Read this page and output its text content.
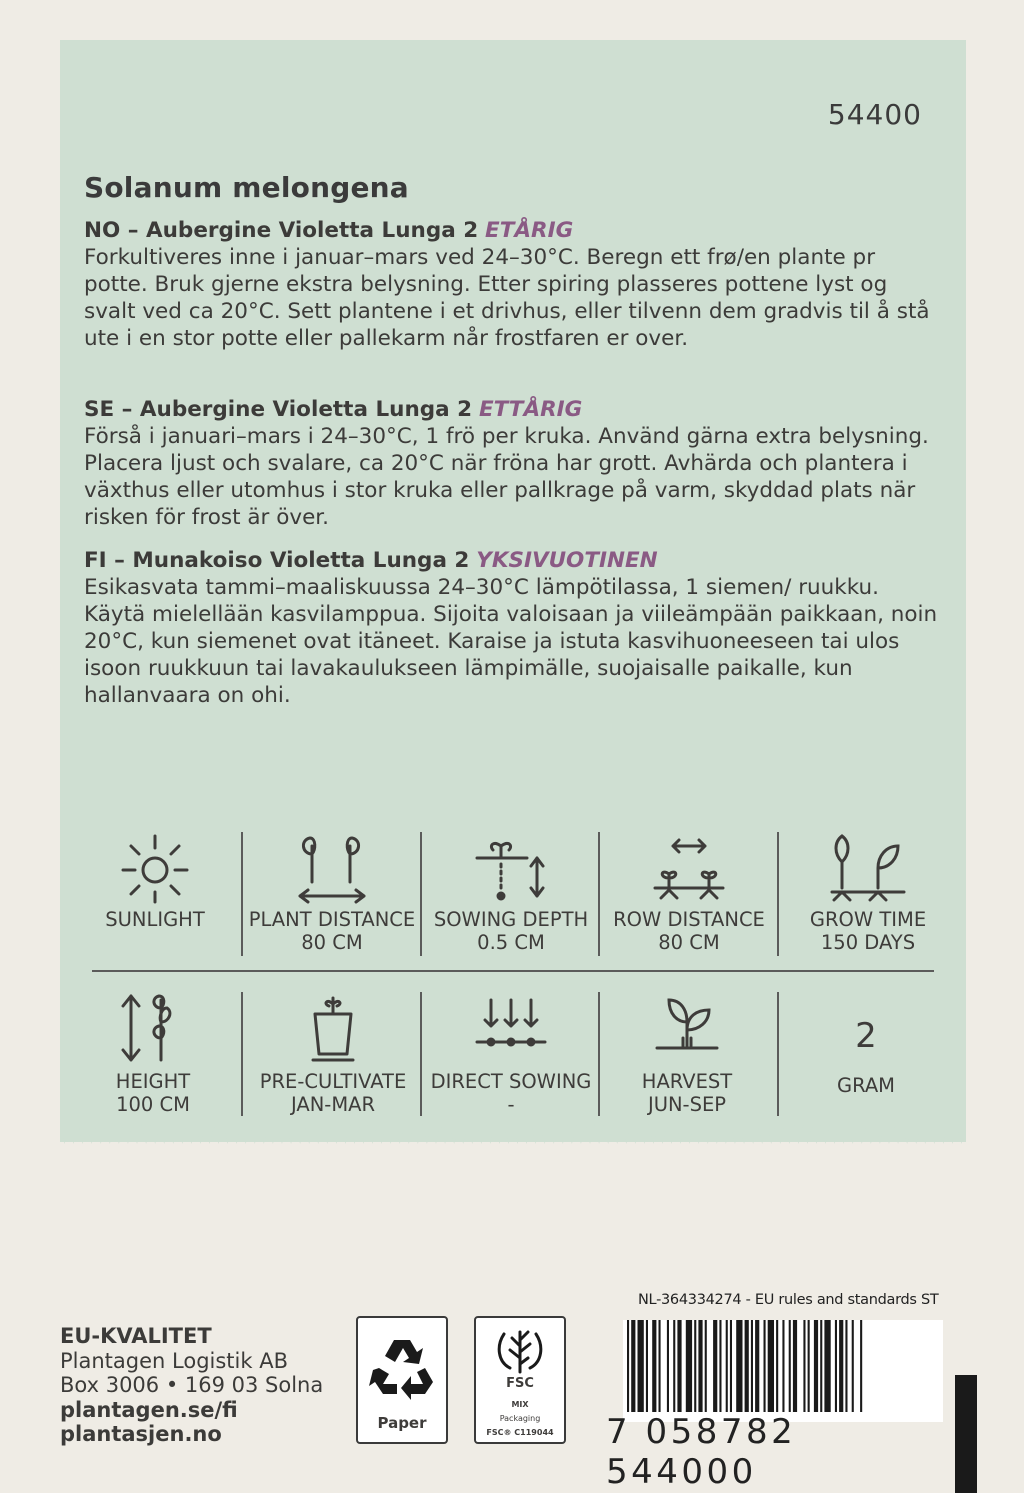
54400
Solanum melongena

NO – Aubergine Violetta Lunga 2 ETÅRIG

Forkultiveres inne i januar–mars ved 24–30°C. Beregn ett frø/en plante pr potte. Bruk gjerne ekstra belysning. Etter spiring plasseres pottene lyst og svalt ved ca 20°C. Sett plantene i et drivhus, eller tilvenn dem gradvis til å stå ute i en stor potte eller pallekarm når frostfaren er over.

SE – Aubergine Violetta Lunga 2 ETTÅRIG

Förså i januari–mars i 24–30°C, 1 frö per kruka. Använd gärna extra belysning. Placera ljust och svalare, ca 20°C när fröna har grott. Avhärda och plantera i växthus eller utomhus i stor kruka eller pallkrage på varm, skyddad plats när risken för frost är över.

FI – Munakoiso Violetta Lunga 2 YKSIVUOTINEN

Esikasvata tammi–maaliskuussa 24–30°C lämpötilassa, 1 siemen/ ruukku. Käytä mielellään kasvilamppua. Sijoita valoisaan ja viileämpään paikkaan, noin 20°C, kun siemenet ovat itäneet. Karaise ja istuta kasvihuoneeseen tai ulos isoon ruukkuun tai lavakaulukseen lämpimälle, suojaisalle paikalle, kun hallanvaara on ohi.

SUNLIGHT	PLANT DISTANCE
80 CM
SOWING DEPTH
0.5 CM
ROW DISTANCE
80 CM
GROW TIME
150 DAYS
HEIGHT
100 CM
PRE-CULTIVATE
JAN-MAR
DIRECT SOWING
-
HARVEST
JUN-SEP
2
GRAM
EU-KVALITET
Plantagen Logistik AB
Box 3006 • 169 03 Solna
plantagen.se/fi
plantasjen.no	Paper
FSC
MIX
Packaging
FSC® C119044
NL-364334274 - EU rules and standards ST
7 058782 544000
